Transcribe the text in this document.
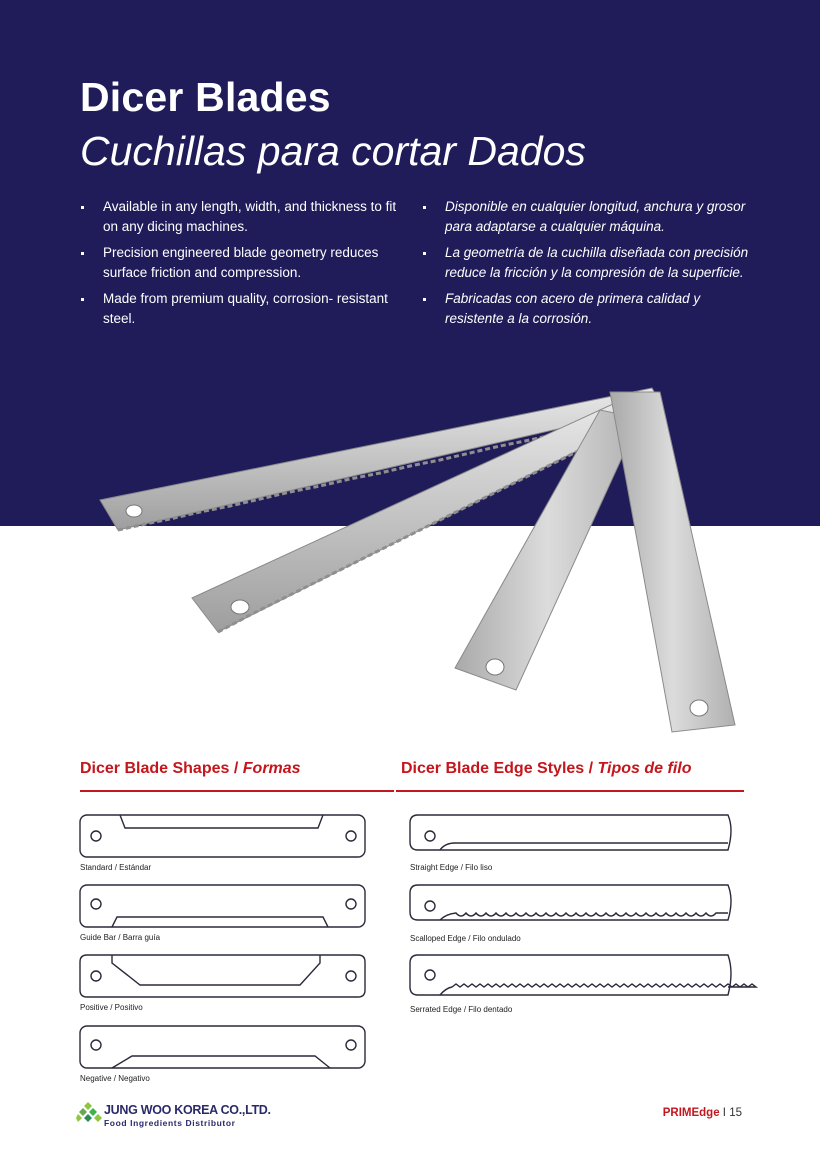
Dicer Blades
Cuchillas para cortar Dados
Available in any length, width, and thickness to fit on any dicing machines.
Precision engineered blade geometry reduces surface friction and compression.
Made from premium quality, corrosion- resistant steel.
Disponible en cualquier longitud, anchura y grosor para adaptarse a cualquier máquina.
La geometría de la cuchilla diseñada con precisión reduce la fricción y la compresión de la superficie.
Fabricadas con acero de primera calidad y resistente a la corrosión.
Dicer Blade Shapes / Formas	Dicer Blade Edge Styles / Tipos de filo

Standard / Estándar

Guide Bar / Barra guía

Positive / Positivo

Negative / Negativo

Straight Edge / Filo liso

Scalloped Edge / Filo ondulado

Serrated Edge / Filo dentado

JUNG WOO KOREA CO.,LTD.

Food Ingredients Distributor

PRIMEdge I 15
